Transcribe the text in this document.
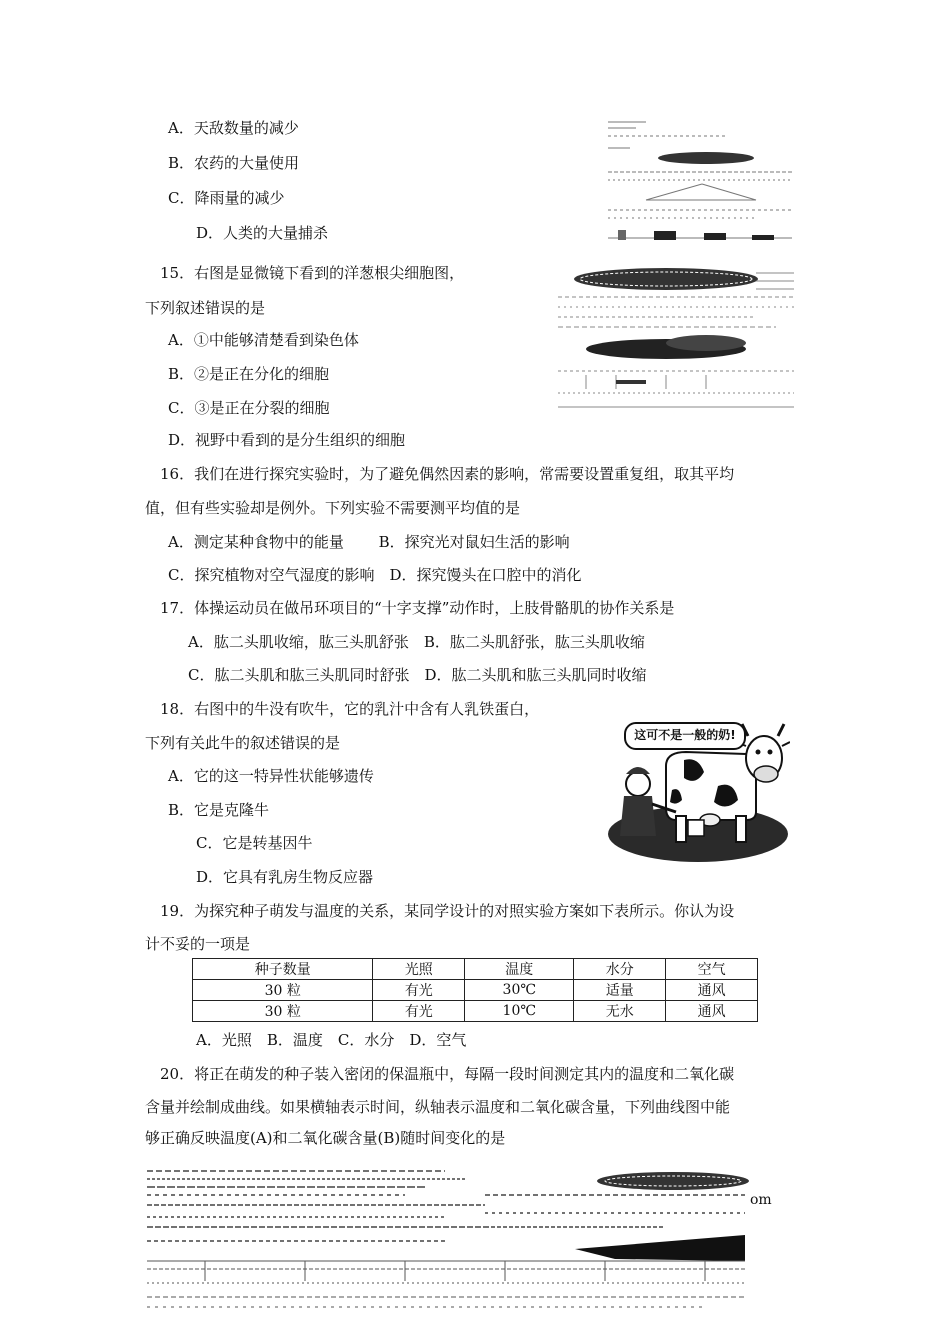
A．天敌数量的减少
B．农药的大量使用
C．降雨量的减少
D．人类的大量捕杀
15．右图是显微镜下看到的洋葱根尖细胞图，
下列叙述错误的是
A．①中能够清楚看到染色体
B．②是正在分化的细胞
C．③是正在分裂的细胞
D．视野中看到的是分生组织的细胞
16．我们在进行探究实验时，为了避免偶然因素的影响，常需要设置重复组，取其平均
值，但有些实验却是例外。下列实验不需要测平均值的是
A．测定某种食物中的能量　　 B．探究光对鼠妇生活的影响
C．探究植物对空气湿度的影响　D．探究馒头在口腔中的消化
17．体操运动员在做吊环项目的“十字支撑”动作时，上肢骨骼肌的协作关系是
A．肱二头肌收缩，肱三头肌舒张　B．肱二头肌舒张，肱三头肌收缩
C．肱二头肌和肱三头肌同时舒张　D．肱二头肌和肱三头肌同时收缩
18．右图中的牛没有吹牛，它的乳汁中含有人乳铁蛋白，
下列有关此牛的叙述错误的是
A．它的这一特异性状能够遗传
B．它是克隆牛
C．它是转基因牛
D．它具有乳房生物反应器
这可不是一般的奶!
19．为探究种子萌发与温度的关系，某同学设计的对照实验方案如下表所示。你认为设
计不妥的一项是
种子数量	光照	温度	水分	空气
30 粒	有光	30℃	适量	通风
30 粒	有光	10℃	无水	通风
A．光照　B．温度　C．水分　D．空气
20．将正在萌发的种子装入密闭的保温瓶中，每隔一段时间测定其内的温度和二氧化碳
含量并绘制成曲线。如果横轴表示时间，纵轴表示温度和二氧化碳含量，下列曲线图中能
够正确反映温度(A)和二氧化碳含量(B)随时间变化的是
om
